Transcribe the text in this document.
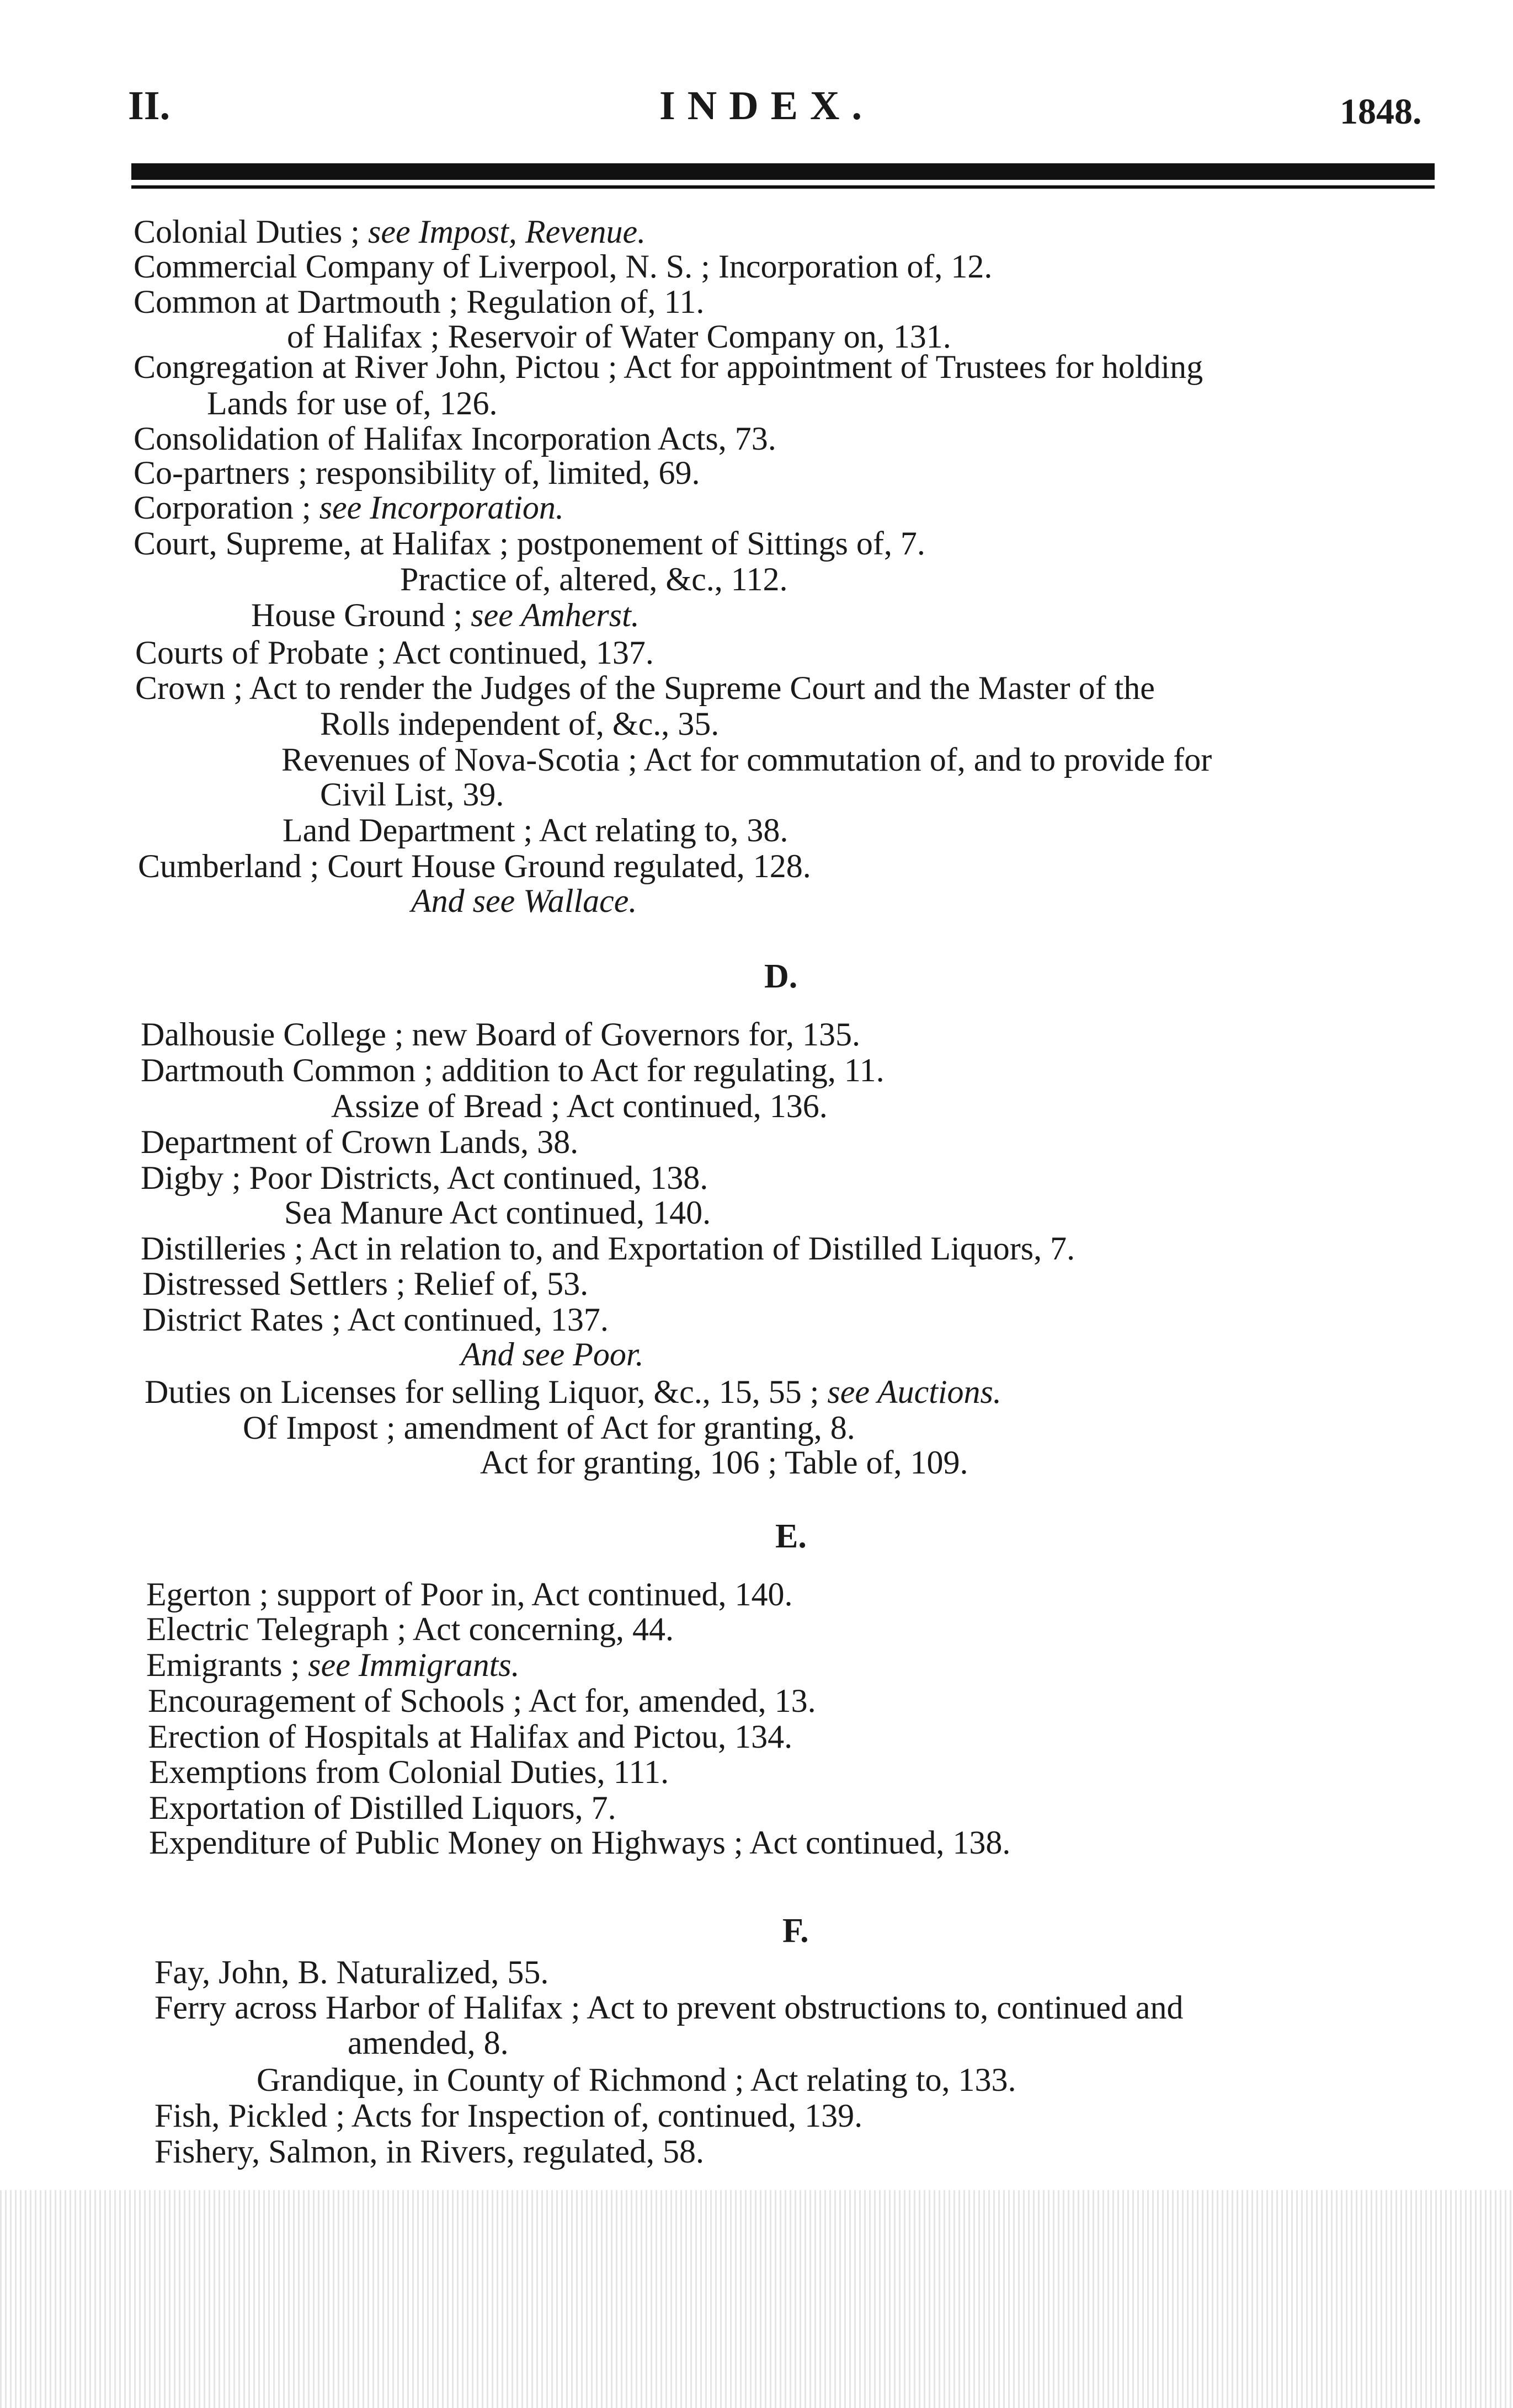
II.	INDEX.	1848.
D.
E.
F.
Colonial Duties ; see Impost, Revenue.
Commercial Company of Liverpool, N. S. ; Incorporation of, 12.
Common at Dartmouth ; Regulation of, 11.
of Halifax ; Reservoir of Water Company on, 131.
Congregation at River John, Pictou ; Act for appointment of Trustees for holding
Lands for use of, 126.
Consolidation of Halifax Incorporation Acts, 73.
Co-partners ; responsibility of, limited, 69.
Corporation ; see Incorporation.
Court, Supreme, at Halifax ; postponement of Sittings of, 7.
Practice of, altered, &c., 112.
House Ground ; see Amherst.
Courts of Probate ; Act continued, 137.
Crown ; Act to render the Judges of the Supreme Court and the Master of the
Rolls independent of, &c., 35.
Revenues of Nova-Scotia ; Act for commutation of, and to provide for
Civil List, 39.
Land Department ; Act relating to, 38.
Cumberland ; Court House Ground regulated, 128.
And see Wallace.
Dalhousie College ; new Board of Governors for, 135.
Dartmouth Common ; addition to Act for regulating, 11.
Assize of Bread ; Act continued, 136.
Department of Crown Lands, 38.
Digby ; Poor Districts, Act continued, 138.
Sea Manure Act continued, 140.
Distilleries ; Act in relation to, and Exportation of Distilled Liquors, 7.
Distressed Settlers ; Relief of, 53.
District Rates ; Act continued, 137.
And see Poor.
Duties on Licenses for selling Liquor, &c., 15, 55 ; see Auctions.
Of Impost ; amendment of Act for granting, 8.
Act for granting, 106 ; Table of, 109.
Egerton ; support of Poor in, Act continued, 140.
Electric Telegraph ; Act concerning, 44.
Emigrants ; see Immigrants.
Encouragement of Schools ; Act for, amended, 13.
Erection of Hospitals at Halifax and Pictou, 134.
Exemptions from Colonial Duties, 111.
Exportation of Distilled Liquors, 7.
Expenditure of Public Money on Highways ; Act continued, 138.
Fay, John, B. Naturalized, 55.
Ferry across Harbor of Halifax ; Act to prevent obstructions to, continued and
amended, 8.
Grandique, in County of Richmond ; Act relating to, 133.
Fish, Pickled ; Acts for Inspection of, continued, 139.
Fishery, Salmon, in Rivers, regulated, 58.
